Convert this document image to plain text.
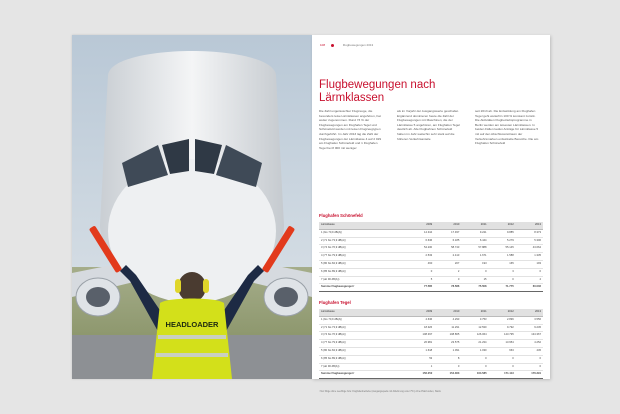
HEADLOADER
108	Flugbewegungen 2013
Flugbewegungen nach Lärmklassen

Die Zahl ungeräuschter Flugzeuge, die besonders leise Lärmklassen angehören, hat weiter zugenommen. Rund 73 % der Flugbewegungen am Flughafen Tegel und Schönefeld werden mit leisen Flugzeugtypen durchgeführt. Im Jahr 2013 lag die Zahl der Flugbewegungen der Lärmklasse 4 auf 2 029 am Flughafen Schönefeld und 1 Flughafen Tegel bei 8 000 mit weniger

als im Vorjahr der Ausgangswerte geschaltet. Ergänzend dominieren heute die Zahl der Flugbewegungen mit Maschinen, die der Lärmklasse 5 angehören, am Flughafen Tegel deutlich ab. Alle Flugbahnen Schönefeld haben im Jahr weiterhin sehr stark auf die höheren Verkehrsanteile

seit 2013 ab. Die Entwicklung am Flughafen Tegel geht weiterhin 100 % konstant zurück. Die Aktivitäten Flugbetriebsprogramme in Berlin werden am leisesten Lärmklassen. In beiden Fällen laufen Anträge für Lärmklasse 5 mit auf den Abschlusszeitraum der Verkehrsmarken entwickelte Bereiche. Die am Flughafen Schönefeld

Flughafen Schönefeld

Lärmklasse	2009	2010	2011	2012	2013
1 (bis 70,9 dB(A))	14.344	17.937	9.221	9.885	8.373
2 (71 bis 73,9 dB(A))	6.636	6.185	6.444	5.279	5.306
3 (74 bis 76,9 dB(A))	54.230	58.743	57.888	55.145	43.664
4 (77 bis 79,9 dB(A))	2.533	2.413	1.671	1.588	1.335
5 (80 bis 84,9 dB(A))	460	207	193	165	193
6 (85 bis 89,9 dB(A))	0	2	0	3	0
7 (ab 90 dB(A))	5	0	15	0	4
Summe Flugbewegungen¹	77.585	78.586	75.508	71.775	60.002

Flughafen Tegel

Lärmklasse	2009	2010	2011	2012	2013
1 (bis 70,9 dB(A))	4.636	4.293	3.753	2.896	3.556
2 (71 bis 73,9 dB(A))	18.326	11.291	12.530	9.792	9.245
3 (74 bis 76,9 dB(A))	108.397	108.865	126.064	143.795	134.367
4 (77 bis 79,9 dB(A))	26.981	23.575	21.234	13.954	4.252
5 (80 bis 84,9 dB(A))	1.618	1.091	1.030	663	445
6 (85 bis 89,9 dB(A))	53	8	0	0	0
7 (ab 90 dB(A))	1	0	0	0	0
Summe Flugbewegungen¹	156.252	154.363	164.585	171.113	176.391

¹ Nur Flüge ohne Leerflüge bzw. Flughafenbetriebe (Ausgangsquelle mit Ablehnung unter 75 t) ohne Platzrunden, Starts
